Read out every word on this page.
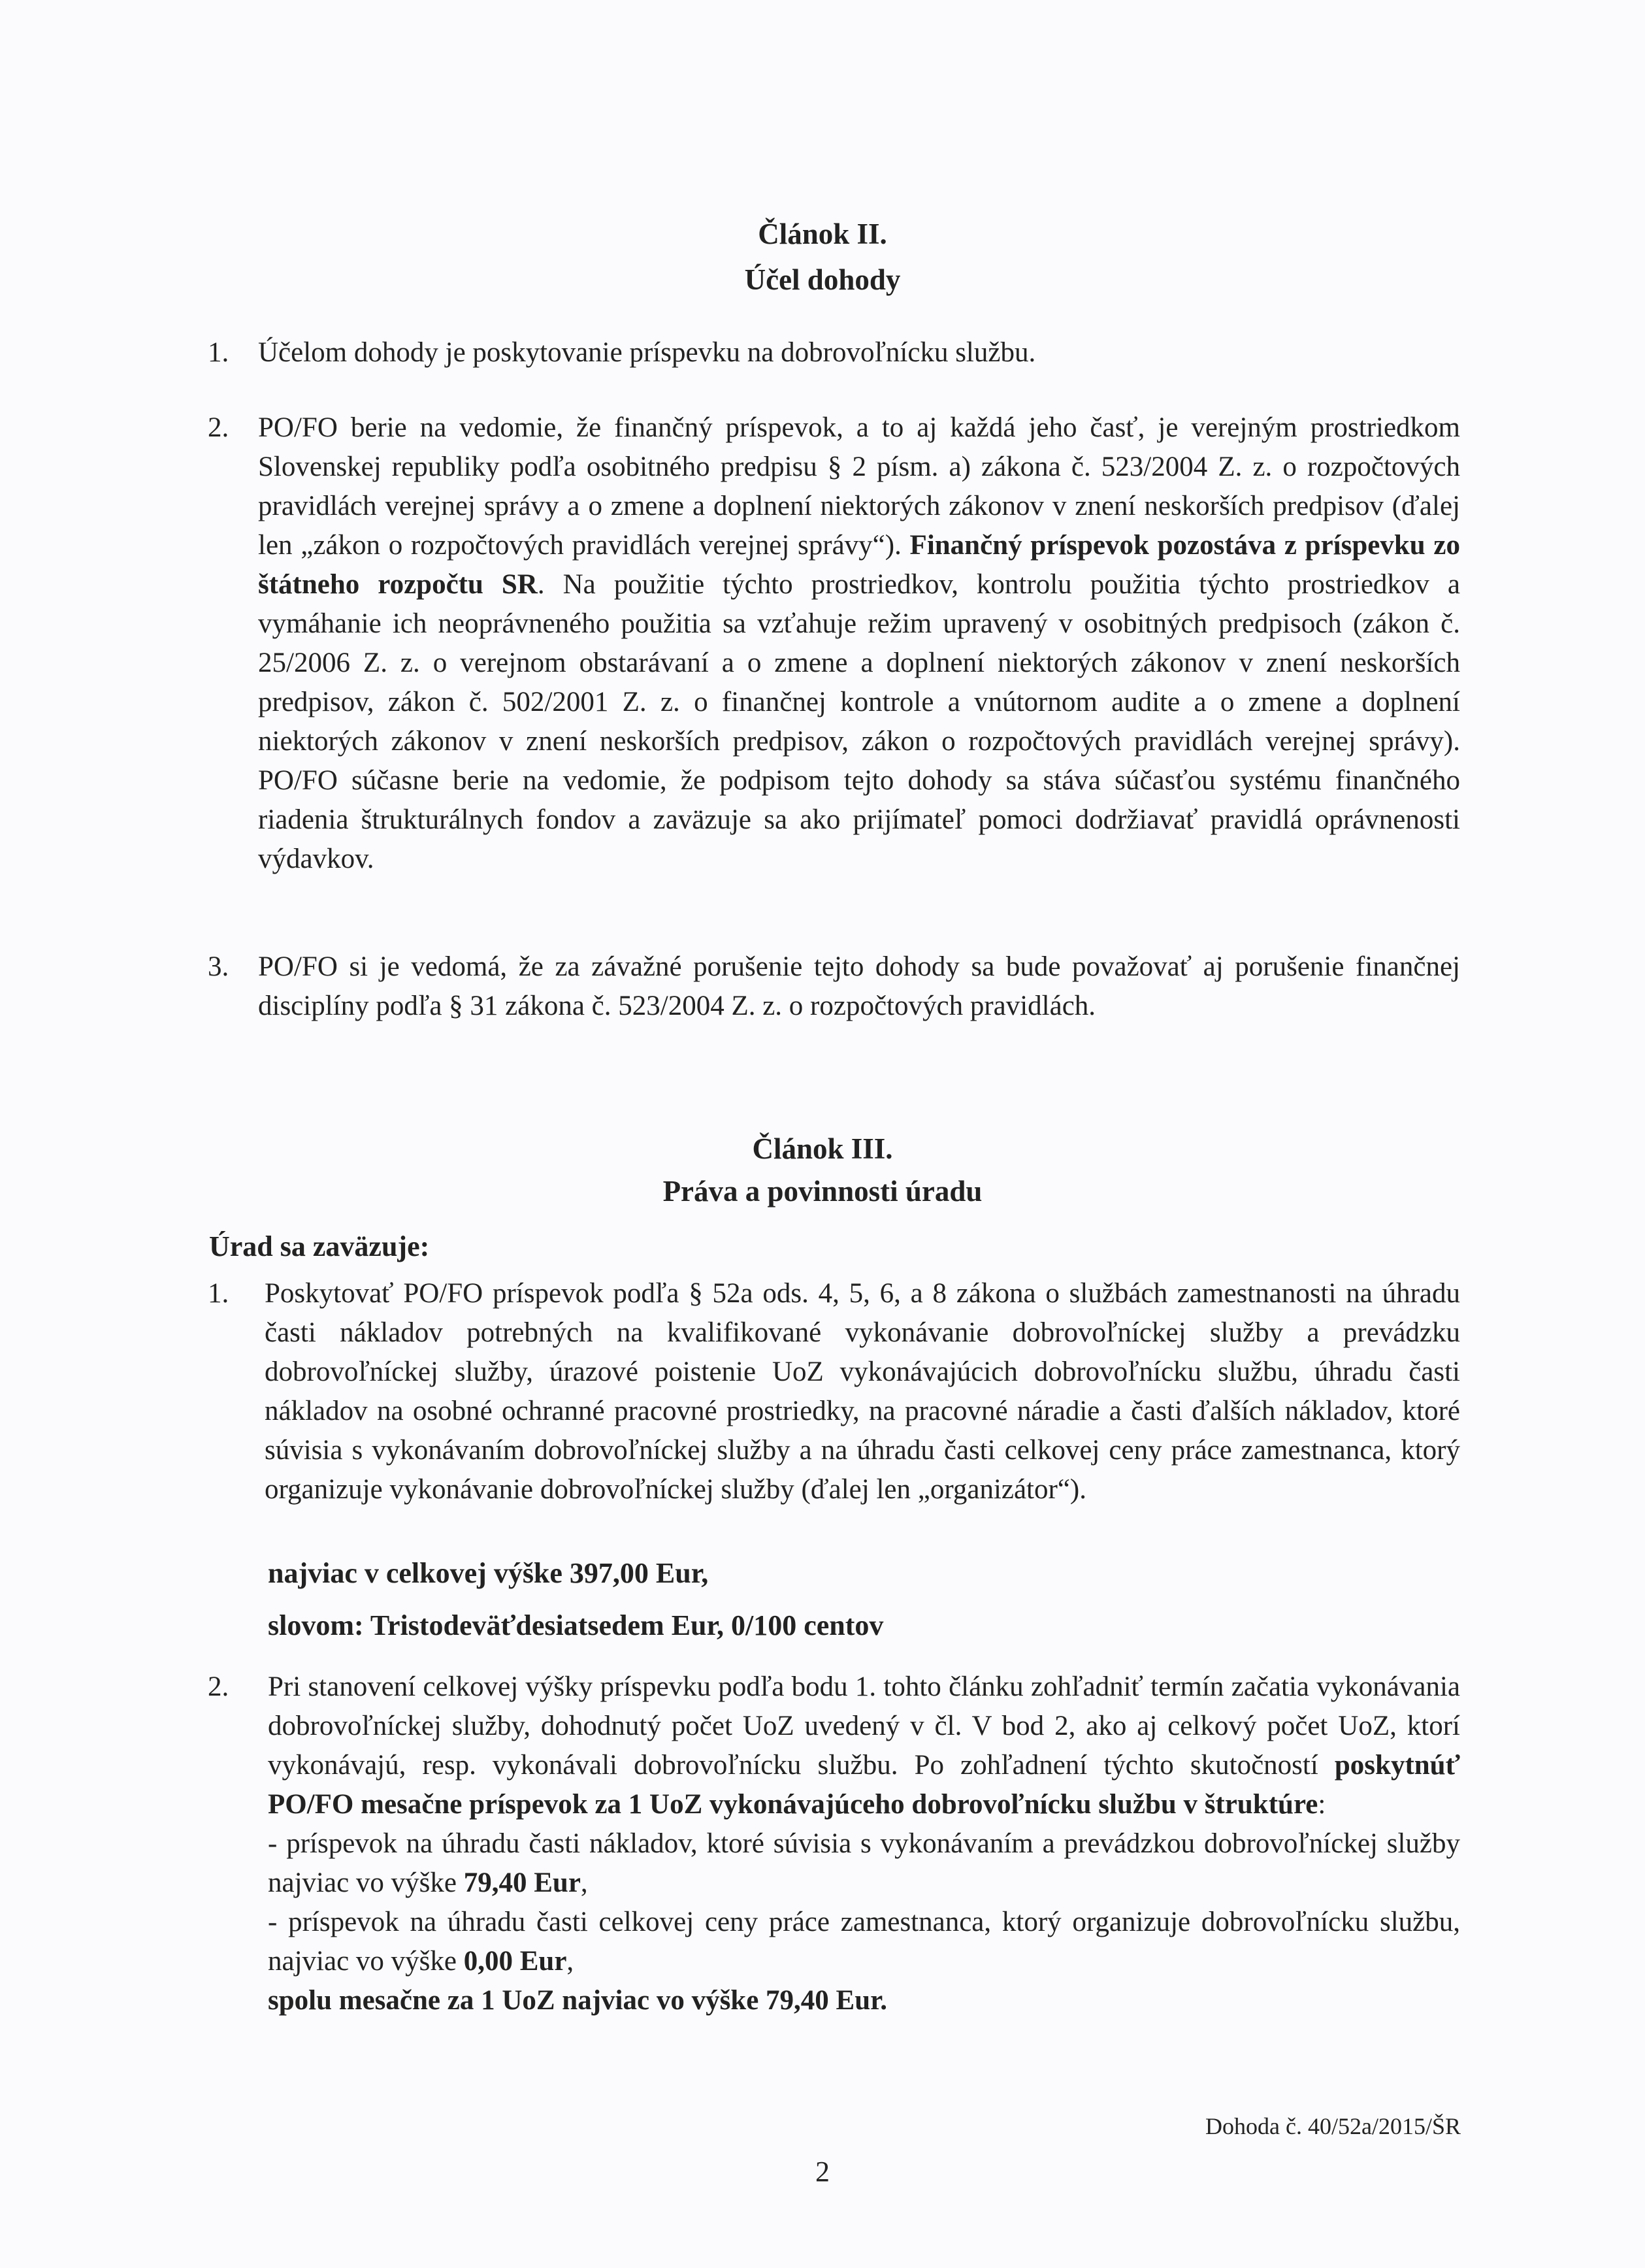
Článok II.
Účel dohody
1. Účelom dohody je poskytovanie príspevku na dobrovoľnícku službu.
2. PO/FO berie na vedomie, že finančný príspevok, a to aj každá jeho časť, je verejným prostriedkom Slovenskej republiky podľa osobitného predpisu § 2 písm. a) zákona č. 523/2004 Z. z. o rozpočtových pravidlách verejnej správy a o zmene a doplnení niektorých zákonov v znení neskorších predpisov (ďalej len „zákon o rozpočtových pravidlách verejnej správy“). Finančný príspevok pozostáva z príspevku zo štátneho rozpočtu SR. Na použitie týchto prostriedkov, kontrolu použitia týchto prostriedkov a vymáhanie ich neoprávneného použitia sa vzťahuje režim upravený v osobitných predpisoch (zákon č. 25/2006 Z. z. o verejnom obstarávaní a o zmene a doplnení niektorých zákonov v znení neskorších predpisov, zákon č. 502/2001 Z. z. o finančnej kontrole a vnútornom audite a o zmene a doplnení niektorých zákonov v znení neskorších predpisov, zákon o rozpočtových pravidlách verejnej správy). PO/FO súčasne berie na vedomie, že podpisom tejto dohody sa stáva súčasťou systému finančného riadenia štrukturálnych fondov a zaväzuje sa ako prijímateľ pomoci dodržiavať pravidlá oprávnenosti výdavkov.
3. PO/FO si je vedomá, že za závažné porušenie tejto dohody sa bude považovať aj porušenie finančnej disciplíny podľa § 31 zákona č. 523/2004 Z. z. o rozpočtových pravidlách.
Článok III.
Práva a povinnosti úradu
Úrad sa zaväzuje:
1. Poskytovať PO/FO príspevok podľa § 52a ods. 4, 5, 6, a 8 zákona o službách zamestnanosti na úhradu časti nákladov potrebných na kvalifikované vykonávanie dobrovoľníckej služby a prevádzku dobrovoľníckej služby, úrazové poistenie UoZ vykonávajúcich dobrovoľnícku službu, úhradu časti nákladov na osobné ochranné pracovné prostriedky, na pracovné náradie a časti ďalších nákladov, ktoré súvisia s vykonávaním dobrovoľníckej služby a na úhradu časti celkovej ceny práce zamestnanca, ktorý organizuje vykonávanie dobrovoľníckej služby (ďalej len „organizátor“).
najviac v celkovej výške 397,00 Eur,
slovom: Tristodeväťdesiatsedem Eur, 0/100 centov
2. Pri stanovení celkovej výšky príspevku podľa bodu 1. tohto článku zohľadniť termín začatia vykonávania dobrovoľníckej služby, dohodnutý počet UoZ uvedený v čl. V bod 2, ako aj celkový počet UoZ, ktorí vykonávajú, resp. vykonávali dobrovoľnícku službu. Po zohľadnení týchto skutočností poskytnúť PO/FO mesačne príspevok za 1 UoZ vykonávajúceho dobrovoľnícku službu v štruktúre:
- príspevok na úhradu časti nákladov, ktoré súvisia s vykonávaním a prevádzkou dobrovoľníckej služby najviac vo výške 79,40 Eur,
- príspevok na úhradu časti celkovej ceny práce zamestnanca, ktorý organizuje dobrovoľnícku službu, najviac vo výške 0,00 Eur,
spolu mesačne za 1 UoZ najviac vo výške 79,40 Eur.
Dohoda č. 40/52a/2015/ŠR
2
